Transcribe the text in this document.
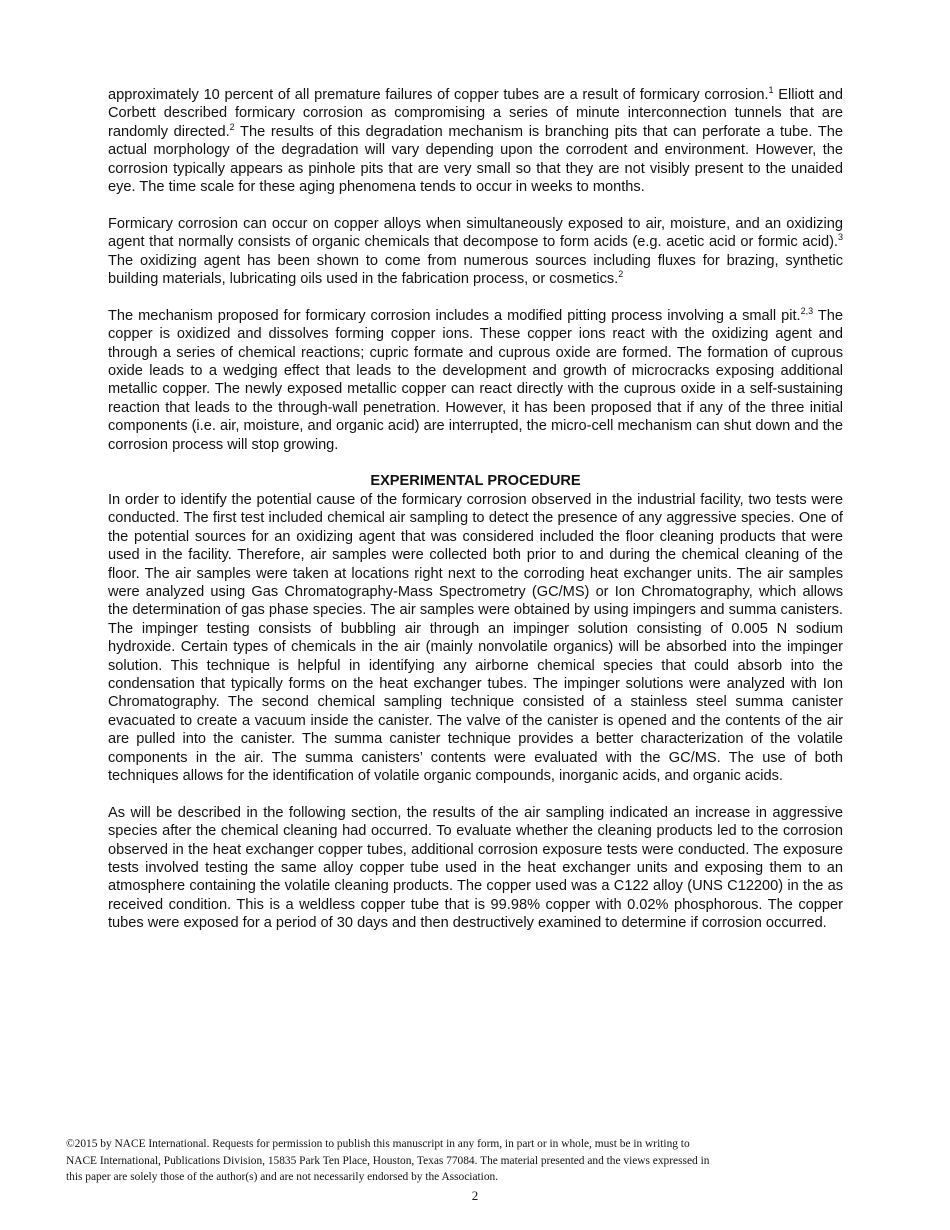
approximately 10 percent of all premature failures of copper tubes are a result of formicary corrosion.$^1$ Elliott and Corbett described formicary corrosion as compromising a series of minute interconnection tunnels that are randomly directed.$^2$ The results of this degradation mechanism is branching pits that can perforate a tube. The actual morphology of the degradation will vary depending upon the corrodent and environment. However, the corrosion typically appears as pinhole pits that are very small so that they are not visibly present to the unaided eye. The time scale for these aging phenomena tends to occur in weeks to months.

Formicary corrosion can occur on copper alloys when simultaneously exposed to air, moisture, and an oxidizing agent that normally consists of organic chemicals that decompose to form acids (e.g. acetic acid or formic acid).$^3$ The oxidizing agent has been shown to come from numerous sources including fluxes for brazing, synthetic building materials, lubricating oils used in the fabrication process, or cosmetics.$^2$

The mechanism proposed for formicary corrosion includes a modified pitting process involving a small pit.$^{2,3}$ The copper is oxidized and dissolves forming copper ions. These copper ions react with the oxidizing agent and through a series of chemical reactions; cupric formate and cuprous oxide are formed. The formation of cuprous oxide leads to a wedging effect that leads to the development and growth of microcracks exposing additional metallic copper. The newly exposed metallic copper can react directly with the cuprous oxide in a self-sustaining reaction that leads to the through-wall penetration. However, it has been proposed that if any of the three initial components (i.e. air, moisture, and organic acid) are interrupted, the micro-cell mechanism can shut down and the corrosion process will stop growing.

EXPERIMENTAL PROCEDURE

In order to identify the potential cause of the formicary corrosion observed in the industrial facility, two tests were conducted. The first test included chemical air sampling to detect the presence of any aggressive species. One of the potential sources for an oxidizing agent that was considered included the floor cleaning products that were used in the facility. Therefore, air samples were collected both prior to and during the chemical cleaning of the floor. The air samples were taken at locations right next to the corroding heat exchanger units. The air samples were analyzed using Gas Chromatography-Mass Spectrometry (GC/MS) or Ion Chromatography, which allows the determination of gas phase species. The air samples were obtained by using impingers and summa canisters. The impinger testing consists of bubbling air through an impinger solution consisting of 0.005 N sodium hydroxide. Certain types of chemicals in the air (mainly nonvolatile organics) will be absorbed into the impinger solution. This technique is helpful in identifying any airborne chemical species that could absorb into the condensation that typically forms on the heat exchanger tubes. The impinger solutions were analyzed with Ion Chromatography. The second chemical sampling technique consisted of a stainless steel summa canister evacuated to create a vacuum inside the canister. The valve of the canister is opened and the contents of the air are pulled into the canister. The summa canister technique provides a better characterization of the volatile components in the air. The summa canisters’ contents were evaluated with the GC/MS. The use of both techniques allows for the identification of volatile organic compounds, inorganic acids, and organic acids.

As will be described in the following section, the results of the air sampling indicated an increase in aggressive species after the chemical cleaning had occurred. To evaluate whether the cleaning products led to the corrosion observed in the heat exchanger copper tubes, additional corrosion exposure tests were conducted. The exposure tests involved testing the same alloy copper tube used in the heat exchanger units and exposing them to an atmosphere containing the volatile cleaning products. The copper used was a C122 alloy (UNS C12200) in the as received condition. This is a weldless copper tube that is 99.98% copper with 0.02% phosphorous. The copper tubes were exposed for a period of 30 days and then destructively examined to determine if corrosion occurred.

©2015 by NACE International. Requests for permission to publish this manuscript in any form, in part or in whole, must be in writing to
NACE International, Publications Division, 15835 Park Ten Place, Houston, Texas 77084. The material presented and the views expressed in
this paper are solely those of the author(s) and are not necessarily endorsed by the Association.
2
